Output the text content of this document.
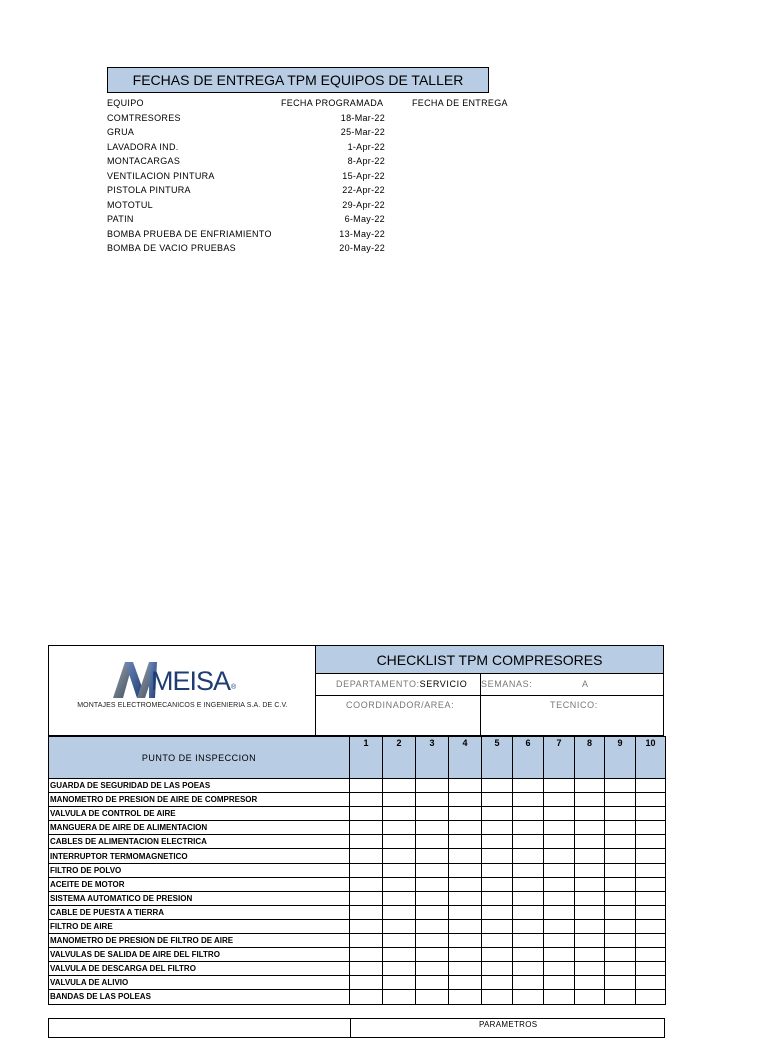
FECHAS DE ENTREGA TPM EQUIPOS DE TALLER
EQUIPO	FECHA PROGRAMADA	FECHA DE ENTREGA
COMTRESORES	18-Mar-22	
GRUA	25-Mar-22	
LAVADORA IND.	1-Apr-22	
MONTACARGAS	8-Apr-22	
VENTILACION PINTURA	15-Apr-22	
PISTOLA PINTURA	22-Apr-22	
MOTOTUL	29-Apr-22	
PATIN	6-May-22	
BOMBA PRUEBA DE ENFRIAMIENTO	13-May-22	
BOMBA DE VACIO PRUEBAS	20-May-22	
MEISA ®
MONTAJES ELECTROMECANICOS E INGENIERIA S.A. DE C.V.
CHECKLIST TPM COMPRESORES
DEPARTAMENTO:SERVICIO SEMANAS:	A
COORDINADOR/AREA:	TECNICO:
PUNTO DE INSPECCION	1	2	3	4	5	6	7	8	9	10
GUARDA DE SEGURIDAD DE LAS POEAS										
MANOMETRO DE PRESION DE AIRE DE COMPRESOR										
VALVULA DE CONTROL DE AIRE										
MANGUERA DE AIRE DE ALIMENTACION										
CABLES DE ALIMENTACION ELECTRICA										
INTERRUPTOR TERMOMAGNETICO										
FILTRO DE POLVO										
ACEITE DE MOTOR										
SISTEMA AUTOMATICO DE PRESION										
CABLE DE PUESTA A TIERRA										
FILTRO DE AIRE										
MANOMETRO DE PRESION DE FILTRO DE AIRE										
VALVULAS DE SALIDA DE AIRE DEL FILTRO										
VALVULA DE DESCARGA DEL FILTRO										
VALVULA DE ALIVIO										
BANDAS DE LAS POLEAS										
PARAMETROS
